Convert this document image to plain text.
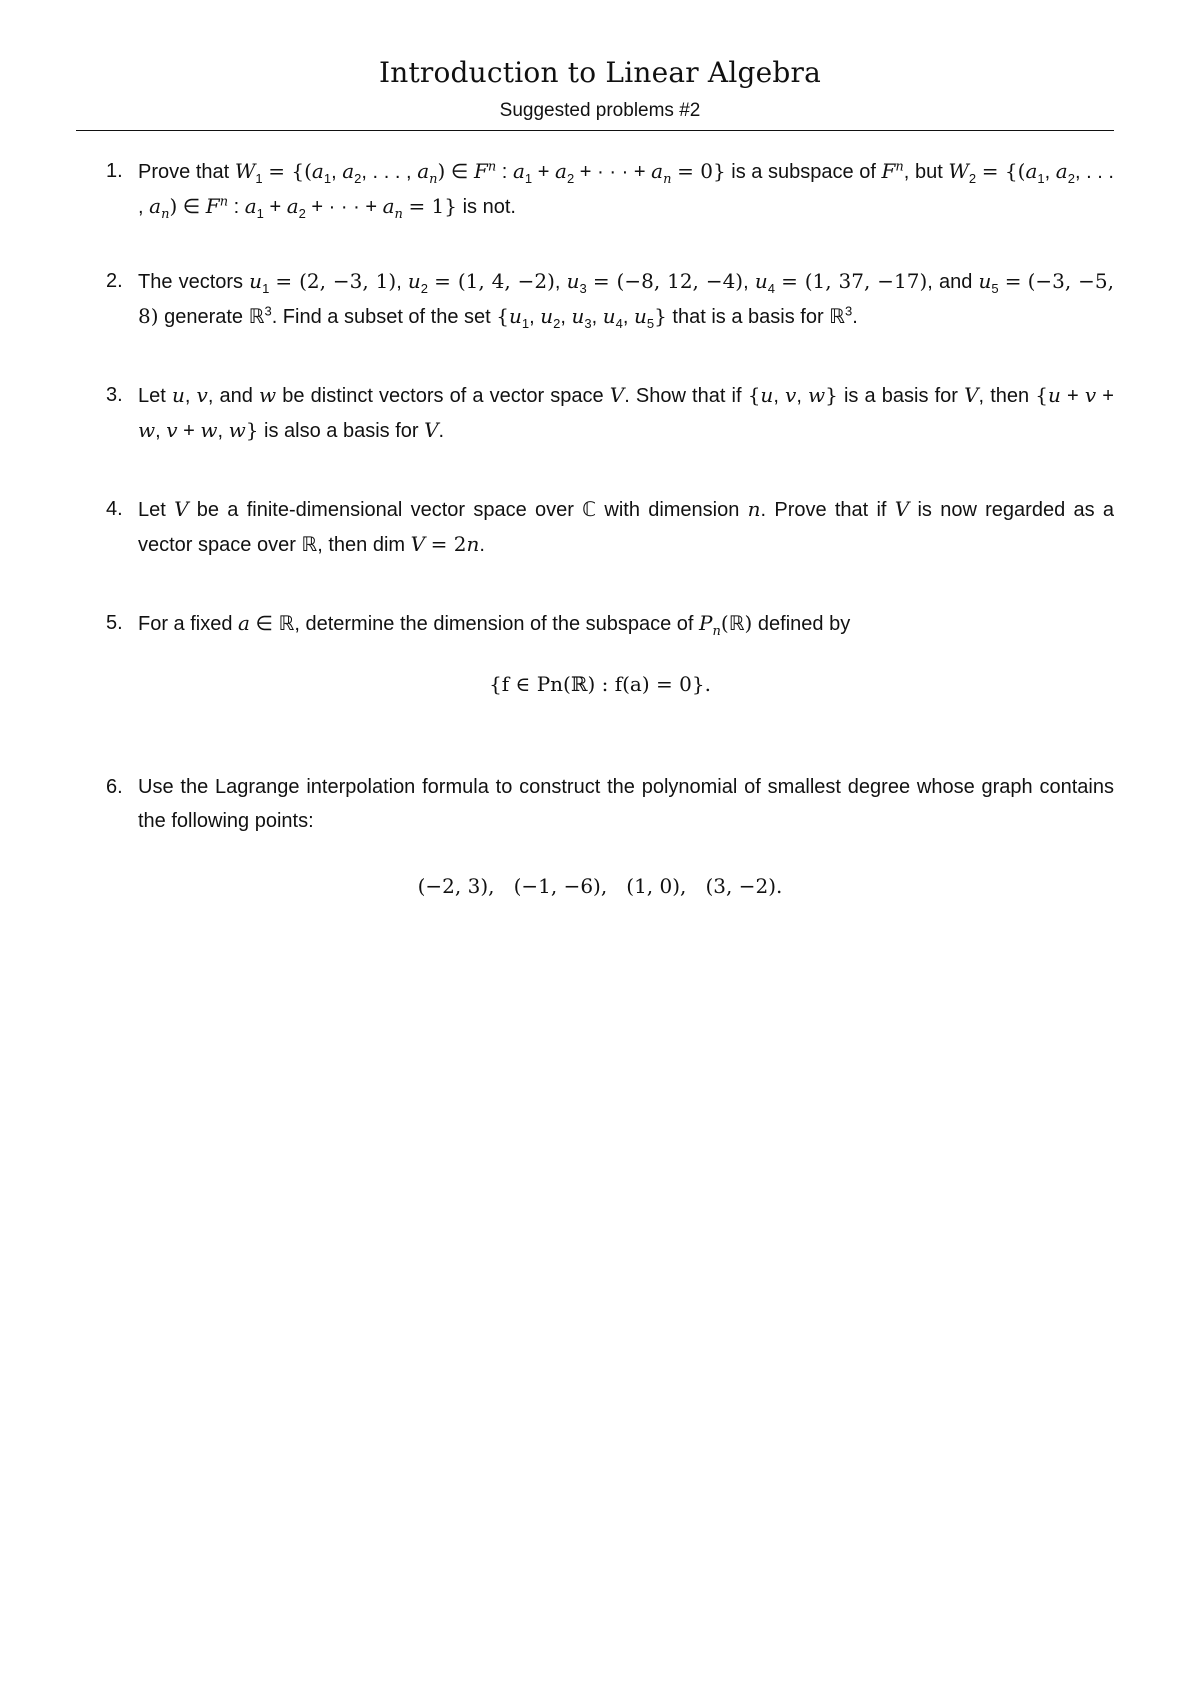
Introduction to Linear Algebra
Suggested problems #2
1. Prove that $W_1 = \{(a_1$, $a_2$, . . . , $a_n$) ∈ $F^n$ : $a_1 + a_2$ + · · · + $a_n = 0$} is a subspace of $F^n$, but $W_2 = \{(a_1$, $a_2$, . . . , $a_n$) ∈ $F^n$ : $a_1 + a_2$ + · · · + $a_n = 1$} is not.
2. The vectors $u_1 = (2$, −3, 1), $u_2 = (1$, 4, −2), $u_3 = (-8$, 12, −4), $u_4 = (1$, 37, −17), and $u_5 = (-3$, −5, 8) generate ℝ$^3$. Find a subset of the set {$u_1$, $u_2$, $u_3$, $u_4$, $u_5$} that is a basis for ℝ$^3$.
3. Let u, v, and w be distinct vectors of a vector space V. Show that if {u, v, w} is a basis for V, then {u + v + w, v + w, w} is also a basis for V.
4. Let V be a finite-dimensional vector space over ℂ with dimension n. Prove that if V is now regarded as a vector space over ℝ, then dim V = 2n.
5. For a fixed a ∈ ℝ, determine the dimension of the subspace of $P_n(ℝ)$ defined by
{f ∈ Pn(ℝ) : f(a) = 0}.
6. Use the Lagrange interpolation formula to construct the polynomial of smallest degree whose graph contains the following points:
(−2, 3),   (−1, −6),   (1, 0),   (3, −2).
